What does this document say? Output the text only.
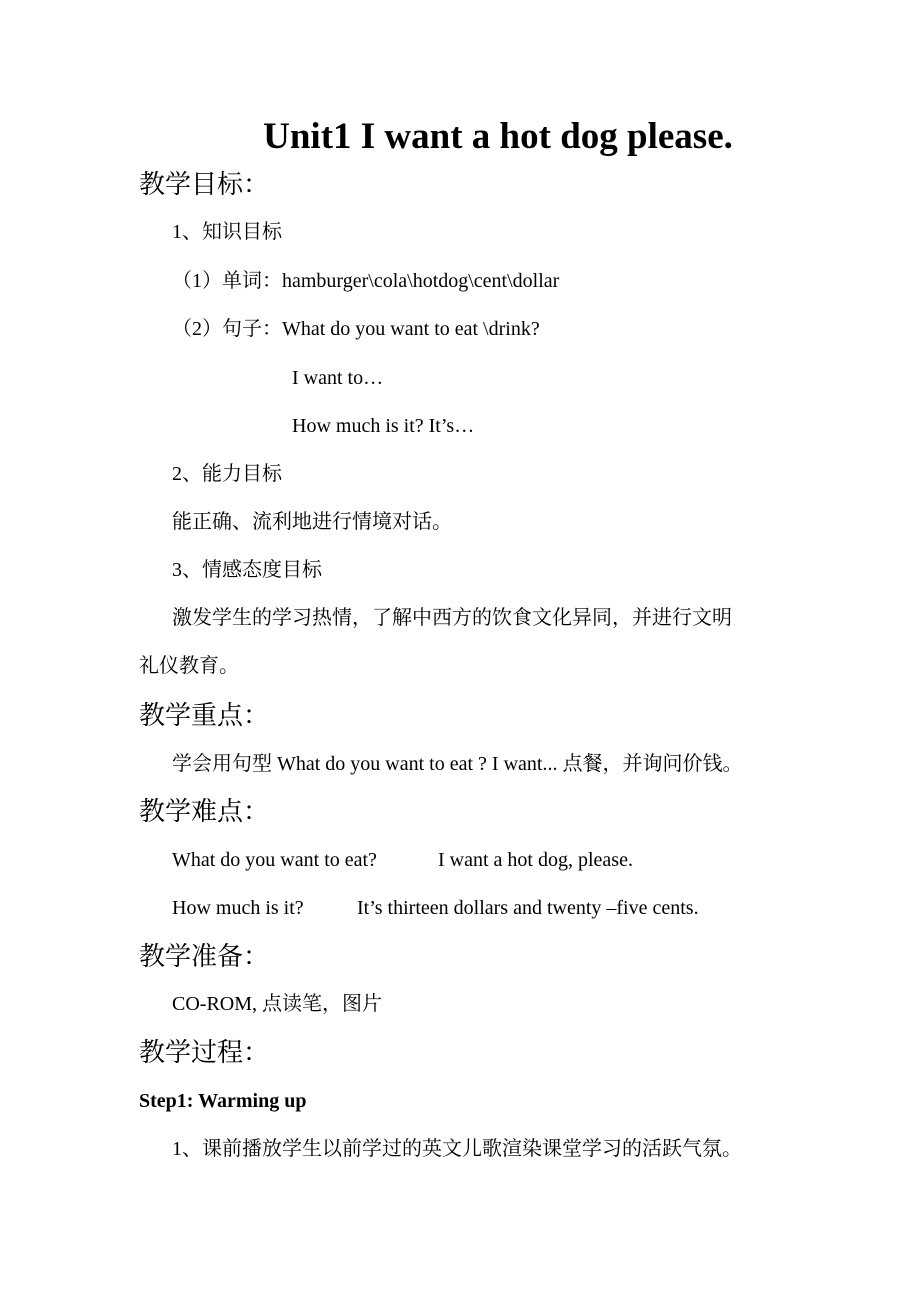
Unit1 I want a hot dog please.
教学目标：
1、知识目标
（1）单词：hamburger\cola\hotdog\cent\dollar
（2）句子：What do you want to eat \drink?
I want to…
How much is it? It’s…
2、能力目标
能正确、流利地进行情境对话。
3、情感态度目标
激发学生的学习热情，了解中西方的饮食文化异同，并进行文明
礼仪教育。
教学重点：
学会用句型 What do you want to eat ? I want... 点餐，并询问价钱。
教学难点：
What do you want to eat?	I want a hot dog, please.
How much is it?	It’s thirteen dollars and twenty –five cents.
教学准备：
CO-ROM, 点读笔，图片
教学过程：
Step1: Warming up
1、课前播放学生以前学过的英文儿歌渲染课堂学习的活跃气氛。
